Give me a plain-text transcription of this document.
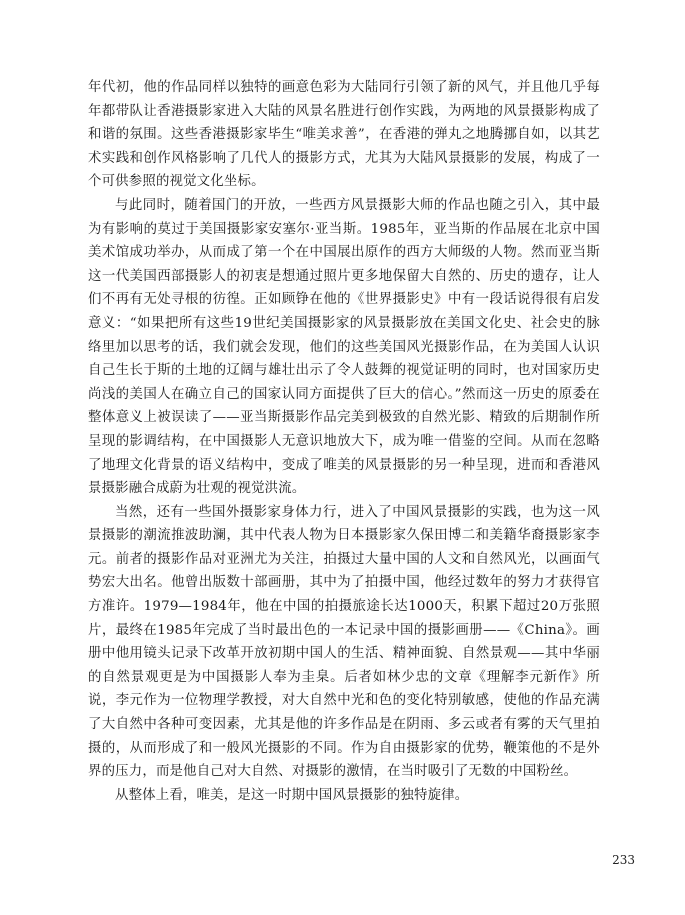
年代初，他的作品同样以独特的画意色彩为大陆同行引领了新的风气，并且他几乎每年都带队让香港摄影家进入大陆的风景名胜进行创作实践，为两地的风景摄影构成了和谐的氛围。这些香港摄影家毕生“唯美求善”，在香港的弹丸之地腾挪自如，以其艺术实践和创作风格影响了几代人的摄影方式，尤其为大陆风景摄影的发展，构成了一个可供参照的视觉文化坐标。

与此同时，随着国门的开放，一些西方风景摄影大师的作品也随之引入，其中最为有影响的莫过于美国摄影家安塞尔·亚当斯。1985年，亚当斯的作品展在北京中国美术馆成功举办，从而成了第一个在中国展出原作的西方大师级的人物。然而亚当斯这一代美国西部摄影人的初衷是想通过照片更多地保留大自然的、历史的遗存，让人们不再有无处寻根的彷徨。正如顾铮在他的《世界摄影史》中有一段话说得很有启发意义：“如果把所有这些19世纪美国摄影家的风景摄影放在美国文化史、社会史的脉络里加以思考的话，我们就会发现，他们的这些美国风光摄影作品，在为美国人认识自己生长于斯的土地的辽阔与雄壮出示了令人鼓舞的视觉证明的同时，也对国家历史尚浅的美国人在确立自己的国家认同方面提供了巨大的信心。”然而这一历史的原委在整体意义上被误读了——亚当斯摄影作品完美到极致的自然光影、精致的后期制作所呈现的影调结构，在中国摄影人无意识地放大下，成为唯一借鉴的空间。从而在忽略了地理文化背景的语义结构中，变成了唯美的风景摄影的另一种呈现，进而和香港风景摄影融合成蔚为壮观的视觉洪流。

当然，还有一些国外摄影家身体力行，进入了中国风景摄影的实践，也为这一风景摄影的潮流推波助澜，其中代表人物为日本摄影家久保田博二和美籍华裔摄影家李元。前者的摄影作品对亚洲尤为关注，拍摄过大量中国的人文和自然风光，以画面气势宏大出名。他曾出版数十部画册，其中为了拍摄中国，他经过数年的努力才获得官方准许。1979—1984年，他在中国的拍摄旅途长达1000天，积累下超过20万张照片，最终在1985年完成了当时最出色的一本记录中国的摄影画册——《China》。画册中他用镜头记录下改革开放初期中国人的生活、精神面貌、自然景观——其中华丽的自然景观更是为中国摄影人奉为圭臬。后者如林少忠的文章《理解李元新作》所说，李元作为一位物理学教授，对大自然中光和色的变化特别敏感，使他的作品充满了大自然中各种可变因素，尤其是他的许多作品是在阴雨、多云或者有雾的天气里拍摄的，从而形成了和一般风光摄影的不同。作为自由摄影家的优势，鞭策他的不是外界的压力，而是他自己对大自然、对摄影的激情，在当时吸引了无数的中国粉丝。

从整体上看，唯美，是这一时期中国风景摄影的独特旋律。

233
